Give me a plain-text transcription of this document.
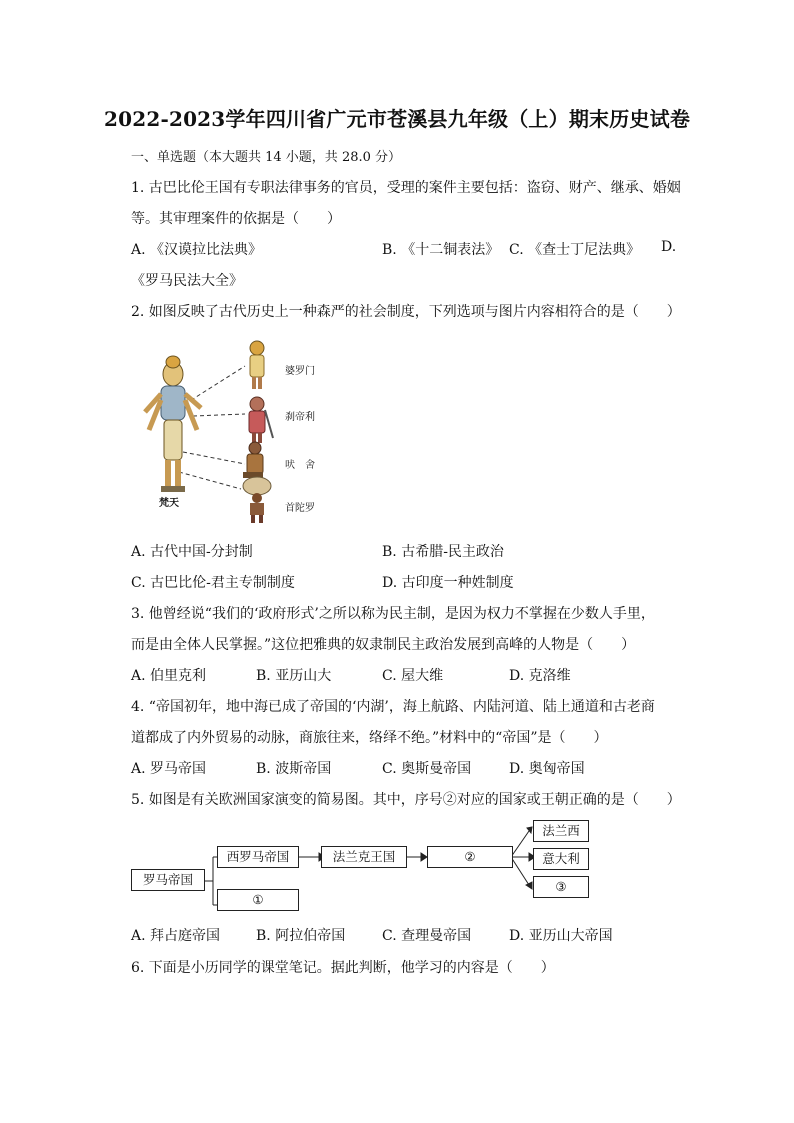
2022-2023学年四川省广元市苍溪县九年级（上）期末历史试卷
一、单选题（本大题共 14 小题，共 28.0 分）
1. 古巴比伦王国有专职法律事务的官员，受理的案件主要包括：盗窃、财产、继承、婚姻
等。其审理案件的依据是（　　）
A. 《汉谟拉比法典》	B. 《十二铜表法》 C. 《查士丁尼法典》 D.
《罗马民法大全》
2. 如图反映了古代历史上一种森严的社会制度，下列选项与图片内容相符合的是（　　）
婆罗门
刹帝利
吠　舍
首陀罗
梵天
A. 古代中国-分封制	B. 古希腊-民主政治
C. 古巴比伦-君主专制制度	D. 古印度一种姓制度
3. 他曾经说“我们的‘政府形式’之所以称为民主制，是因为权力不掌握在少数人手里，
而是由全体人民掌握。”这位把雅典的奴隶制民主政治发展到高峰的人物是（　　）
A. 伯里克利	B. 亚历山大	C. 屋大维	D. 克洛维
4. “帝国初年，地中海已成了帝国的‘内湖’，海上航路、内陆河道、陆上通道和古老商
道都成了内外贸易的动脉，商旅往来，络绎不绝。”材料中的“帝国”是（　　）
A. 罗马帝国	B. 波斯帝国	C. 奥斯曼帝国	D. 奥匈帝国
5. 如图是有关欧洲国家演变的简易图。其中，序号②对应的国家或王朝正确的是（　　）
罗马帝国
西罗马帝国
①
法兰克王国	②
法兰西
意大利
③
A. 拜占庭帝国	B. 阿拉伯帝国	C. 查理曼帝国	D. 亚历山大帝国
6. 下面是小历同学的课堂笔记。据此判断，他学习的内容是（　　）
